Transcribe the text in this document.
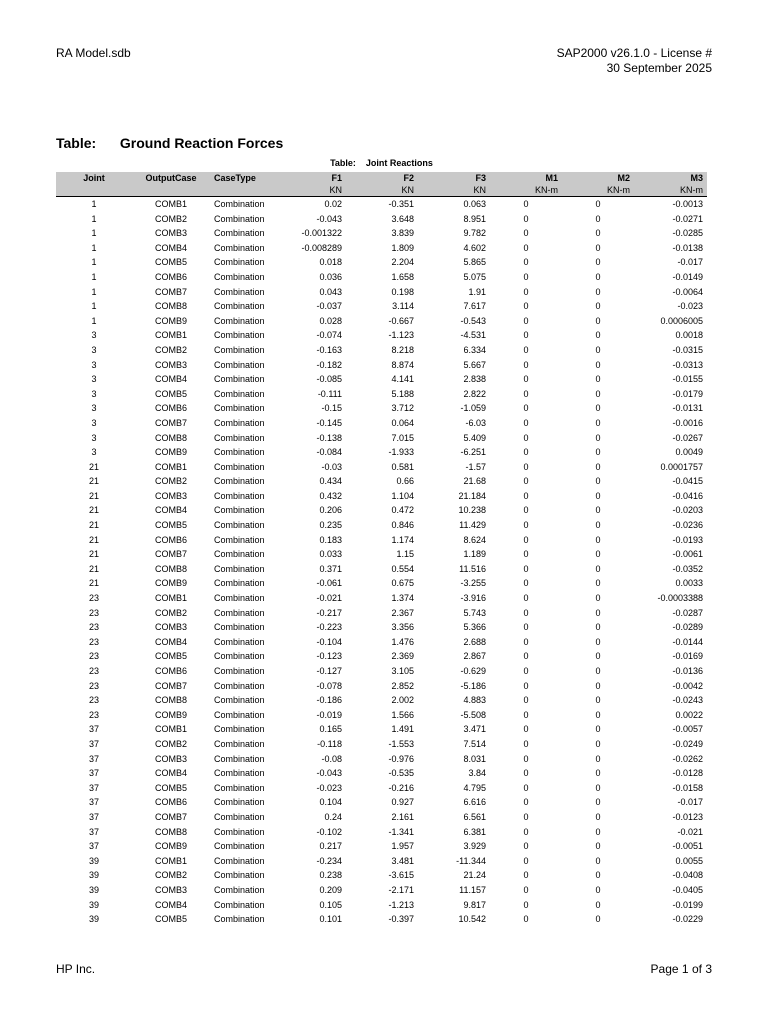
RA Model.sdb	SAP2000 v26.1.0 - License #
30 September 2025
Table: Ground Reaction Forces
Table: Joint Reactions
Joint	OutputCase	CaseType	F1	F2	F3	M1	M2	M3
			KN	KN	KN	KN-m	KN-m	KN-m
1	COMB1	Combination	0.02	-0.351	0.063	0	0	-0.0013
1	COMB2	Combination	-0.043	3.648	8.951	0	0	-0.0271
1	COMB3	Combination	-0.001322	3.839	9.782	0	0	-0.0285
1	COMB4	Combination	-0.008289	1.809	4.602	0	0	-0.0138
1	COMB5	Combination	0.018	2.204	5.865	0	0	-0.017
1	COMB6	Combination	0.036	1.658	5.075	0	0	-0.0149
1	COMB7	Combination	0.043	0.198	1.91	0	0	-0.0064
1	COMB8	Combination	-0.037	3.114	7.617	0	0	-0.023
1	COMB9	Combination	0.028	-0.667	-0.543	0	0	0.0006005
3	COMB1	Combination	-0.074	-1.123	-4.531	0	0	0.0018
3	COMB2	Combination	-0.163	8.218	6.334	0	0	-0.0315
3	COMB3	Combination	-0.182	8.874	5.667	0	0	-0.0313
3	COMB4	Combination	-0.085	4.141	2.838	0	0	-0.0155
3	COMB5	Combination	-0.111	5.188	2.822	0	0	-0.0179
3	COMB6	Combination	-0.15	3.712	-1.059	0	0	-0.0131
3	COMB7	Combination	-0.145	0.064	-6.03	0	0	-0.0016
3	COMB8	Combination	-0.138	7.015	5.409	0	0	-0.0267
3	COMB9	Combination	-0.084	-1.933	-6.251	0	0	0.0049
21	COMB1	Combination	-0.03	0.581	-1.57	0	0	0.0001757
21	COMB2	Combination	0.434	0.66	21.68	0	0	-0.0415
21	COMB3	Combination	0.432	1.104	21.184	0	0	-0.0416
21	COMB4	Combination	0.206	0.472	10.238	0	0	-0.0203
21	COMB5	Combination	0.235	0.846	11.429	0	0	-0.0236
21	COMB6	Combination	0.183	1.174	8.624	0	0	-0.0193
21	COMB7	Combination	0.033	1.15	1.189	0	0	-0.0061
21	COMB8	Combination	0.371	0.554	11.516	0	0	-0.0352
21	COMB9	Combination	-0.061	0.675	-3.255	0	0	0.0033
23	COMB1	Combination	-0.021	1.374	-3.916	0	0	-0.0003388
23	COMB2	Combination	-0.217	2.367	5.743	0	0	-0.0287
23	COMB3	Combination	-0.223	3.356	5.366	0	0	-0.0289
23	COMB4	Combination	-0.104	1.476	2.688	0	0	-0.0144
23	COMB5	Combination	-0.123	2.369	2.867	0	0	-0.0169
23	COMB6	Combination	-0.127	3.105	-0.629	0	0	-0.0136
23	COMB7	Combination	-0.078	2.852	-5.186	0	0	-0.0042
23	COMB8	Combination	-0.186	2.002	4.883	0	0	-0.0243
23	COMB9	Combination	-0.019	1.566	-5.508	0	0	0.0022
37	COMB1	Combination	0.165	1.491	3.471	0	0	-0.0057
37	COMB2	Combination	-0.118	-1.553	7.514	0	0	-0.0249
37	COMB3	Combination	-0.08	-0.976	8.031	0	0	-0.0262
37	COMB4	Combination	-0.043	-0.535	3.84	0	0	-0.0128
37	COMB5	Combination	-0.023	-0.216	4.795	0	0	-0.0158
37	COMB6	Combination	0.104	0.927	6.616	0	0	-0.017
37	COMB7	Combination	0.24	2.161	6.561	0	0	-0.0123
37	COMB8	Combination	-0.102	-1.341	6.381	0	0	-0.021
37	COMB9	Combination	0.217	1.957	3.929	0	0	-0.0051
39	COMB1	Combination	-0.234	3.481	-11.344	0	0	0.0055
39	COMB2	Combination	0.238	-3.615	21.24	0	0	-0.0408
39	COMB3	Combination	0.209	-2.171	11.157	0	0	-0.0405
39	COMB4	Combination	0.105	-1.213	9.817	0	0	-0.0199
39	COMB5	Combination	0.101	-0.397	10.542	0	0	-0.0229
HP Inc.	Page 1 of 3
